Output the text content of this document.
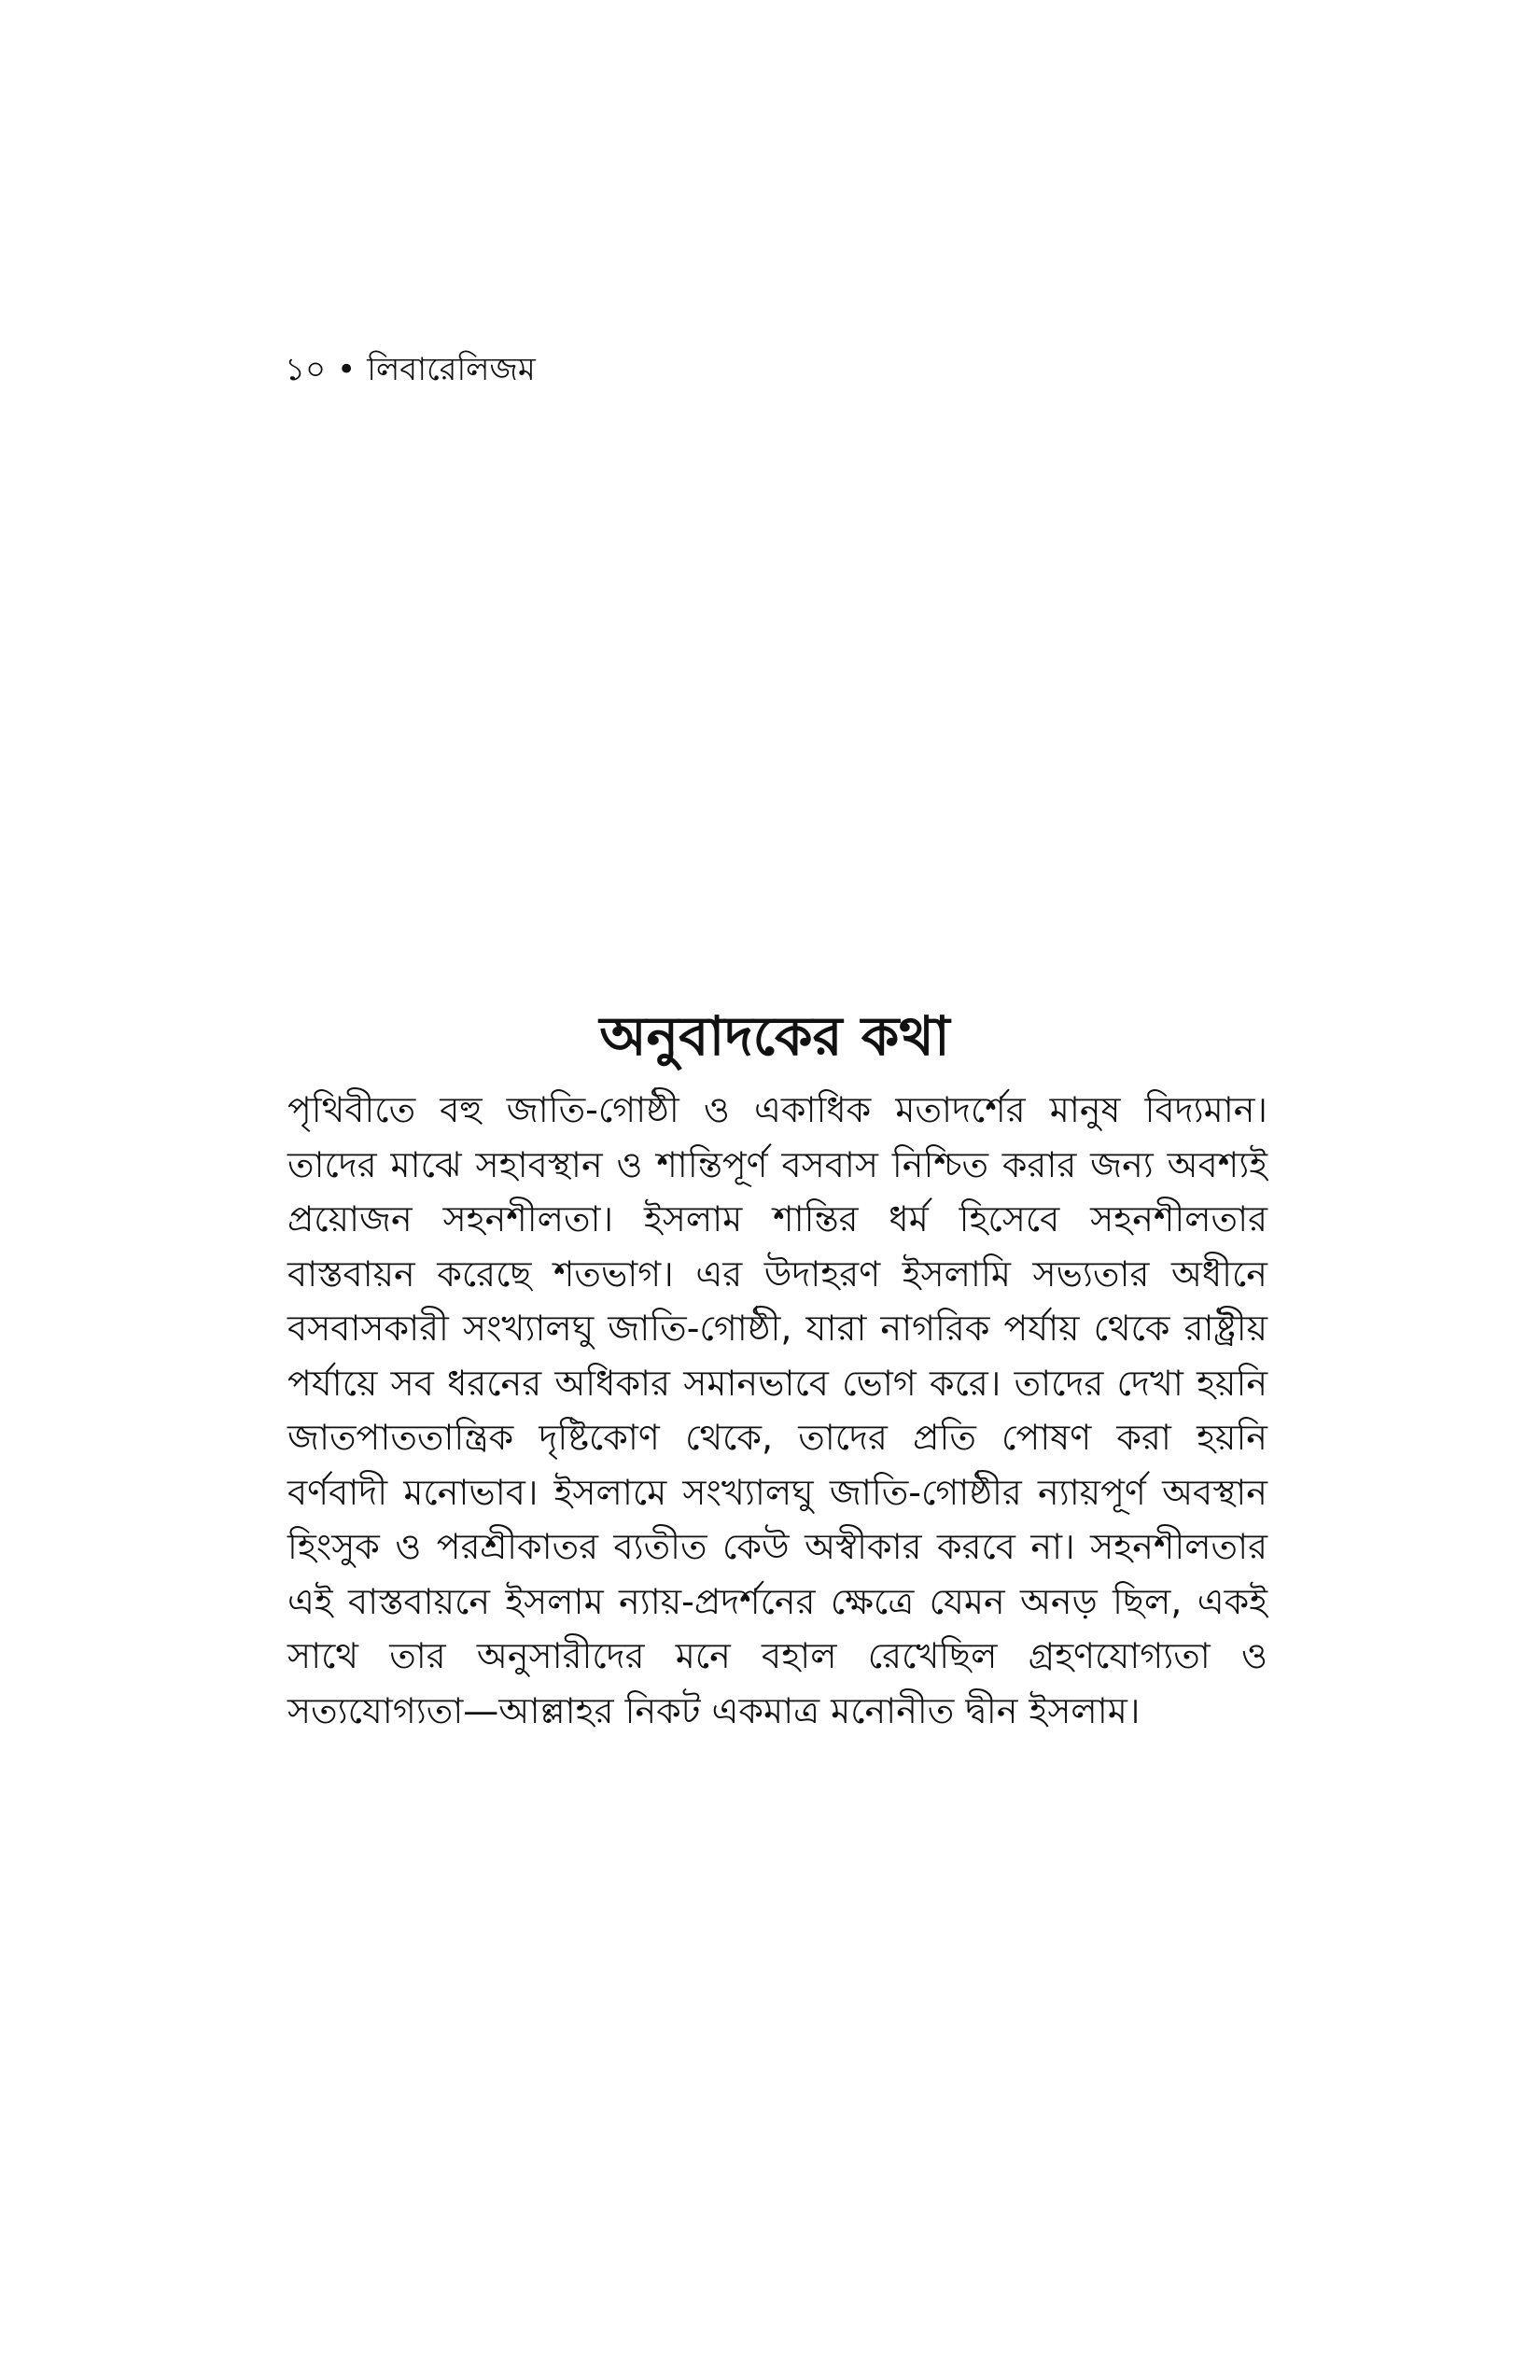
১০ • লিবারেলিজম
অনুবাদকের কথা

পৃথিবীতে বহু জাতি-গোষ্ঠী ও একাধিক মতাদর্শের মানুষ বিদ্যমান। তাদের মাঝে সহাবস্থান ও শান্তিপূর্ণ বসবাস নিশ্চিত করার জন্য অবশ্যই প্রয়োজন সহনশীলতা। ইসলাম শান্তির ধর্ম হিসেবে সহনশীলতার বাস্তবায়ন করেছে শতভাগ। এর উদাহরণ ইসলামি সভ্যতার অধীনে বসবাসকারী সংখ্যালঘু জাতি-গোষ্ঠী, যারা নাগরিক পর্যায় থেকে রাষ্ট্রীয় পর্যায়ে সব ধরনের অধিকার সমানভাবে ভোগ করে। তাদের দেখা হয়নি জাতপাততান্ত্রিক দৃষ্টিকোণ থেকে, তাদের প্রতি পোষণ করা হয়নি বর্ণবাদী মনোভাব। ইসলামে সংখ্যালঘু জাতি-গোষ্ঠীর ন্যায়পূর্ণ অবস্থান হিংসুক ও পরশ্রীকাতর ব্যতীত কেউ অস্বীকার করবে না। সহনশীলতার এই বাস্তবায়নে ইসলাম ন্যায়-প্রদর্শনের ক্ষেত্রে যেমন অনড় ছিল, একই সাথে তার অনুসারীদের মনে বহাল রেখেছিল গ্রহণযোগ্যতা ও সত্যযোগ্যতা—আল্লাহর নিকট একমাত্র মনোনীত দ্বীন ইসলাম।
